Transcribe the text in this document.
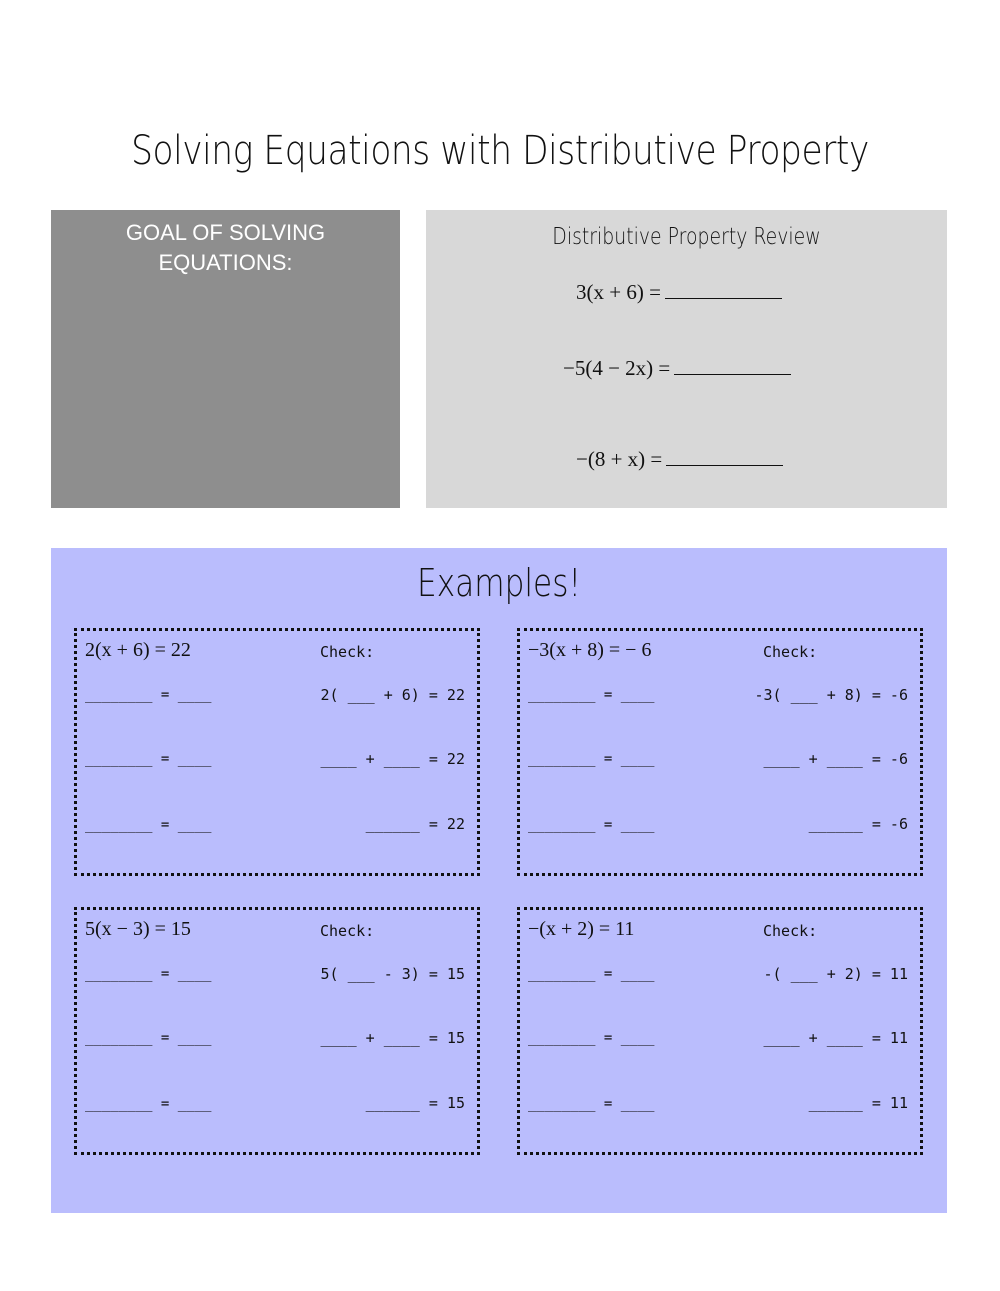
Solving Equations with Distributive Property
GOAL OF SOLVING EQUATIONS:
Distributive Property Review
3(x + 6) =
−5(4 − 2x) =
−(8 + x) =
Examples!
2(x + 6) = 22	Check:
________ = ____
________ = ____
________ = ____
2( ___ + 6) = 22
____ + ____ = 22
______ = 22
−3(x + 8) = − 6	Check:
________ = ____
________ = ____
________ = ____
-3( ___ + 8) = -6
____ + ____ = -6
______ = -6
5(x − 3) = 15	Check:
________ = ____
________ = ____
________ = ____
5( ___ - 3) = 15
____ + ____ = 15
______ = 15
−(x + 2) = 11	Check:
________ = ____
________ = ____
________ = ____
-( ___ + 2) = 11
____ + ____ = 11
______ = 11
